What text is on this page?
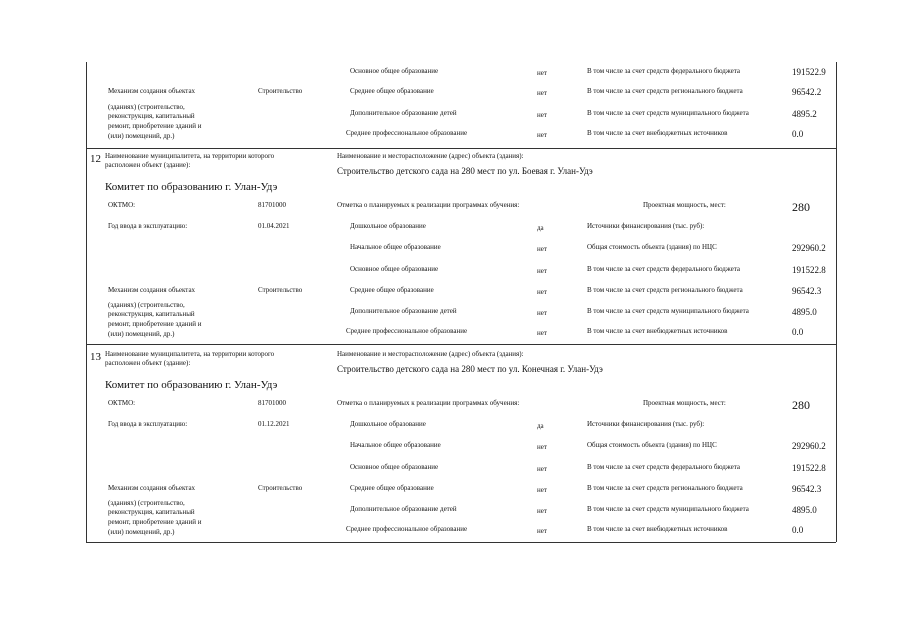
Основное общее образование	нет	В том числе за счет средств федерального бюджета	191522.9
Механизм создания объектах	Строительство	Среднее общее образование	нет	В том числе за счет средств регионального бюджета	96542.2
(зданиях) (строительство,
реконструкция, капитальный	Дополнительное образование детей	нет	В том числе за счет средств муниципального бюджета	4895.2
ремонт, приобретение зданий и
(или) помещений, др.)	Среднее профессиональное образование	нет	В том числе за счет внебюджетных источников	0.0
12 Наименование муниципалитета, на территории которого
расположен объект (здание):
Наименование и месторасположение (адрес) объекта (здания):
Комитет по образованию г. Улан-Удэ
Строительство детского сада на 280 мест по ул. Боевая г. Улан-Удэ
ОКТМО:	81701000	Отметка о планируемых к реализации программах обучения:	Проектная мощность, мест:	280
Год ввода в эксплуатацию:	01.04.2021	Дошкольное образование	да	Источники финансирования (тыс. руб):
Начальное общее образование	нет	Общая стоимость объекта (здания) по НЦС	292960.2
Основное общее образование	нет	В том числе за счет средств федерального бюджета	191522.8
Механизм создания объектах	Строительство	Среднее общее образование	нет	В том числе за счет средств регионального бюджета	96542.3
(зданиях) (строительство,
реконструкция, капитальный	Дополнительное образование детей	нет	В том числе за счет средств муниципального бюджета	4895.0
ремонт, приобретение зданий и
(или) помещений, др.)	Среднее профессиональное образование	нет	В том числе за счет внебюджетных источников	0.0
13 Наименование муниципалитета, на территории которого
расположен объект (здание):
Наименование и месторасположение (адрес) объекта (здания):
Комитет по образованию г. Улан-Удэ
Строительство детского сада на 280 мест по ул. Конечная г. Улан-Удэ
ОКТМО:	81701000	Отметка о планируемых к реализации программах обучения:	Проектная мощность, мест:	280
Год ввода в эксплуатацию:	01.12.2021	Дошкольное образование	да	Источники финансирования (тыс. руб):
Начальное общее образование	нет	Общая стоимость объекта (здания) по НЦС	292960.2
Основное общее образование	нет	В том числе за счет средств федерального бюджета	191522.8
Механизм создания объектах	Строительство	Среднее общее образование	нет	В том числе за счет средств регионального бюджета	96542.3
(зданиях) (строительство,
реконструкция, капитальный	Дополнительное образование детей	нет	В том числе за счет средств муниципального бюджета	4895.0
ремонт, приобретение зданий и
(или) помещений, др.)	Среднее профессиональное образование	нет	В том числе за счет внебюджетных источников	0.0
